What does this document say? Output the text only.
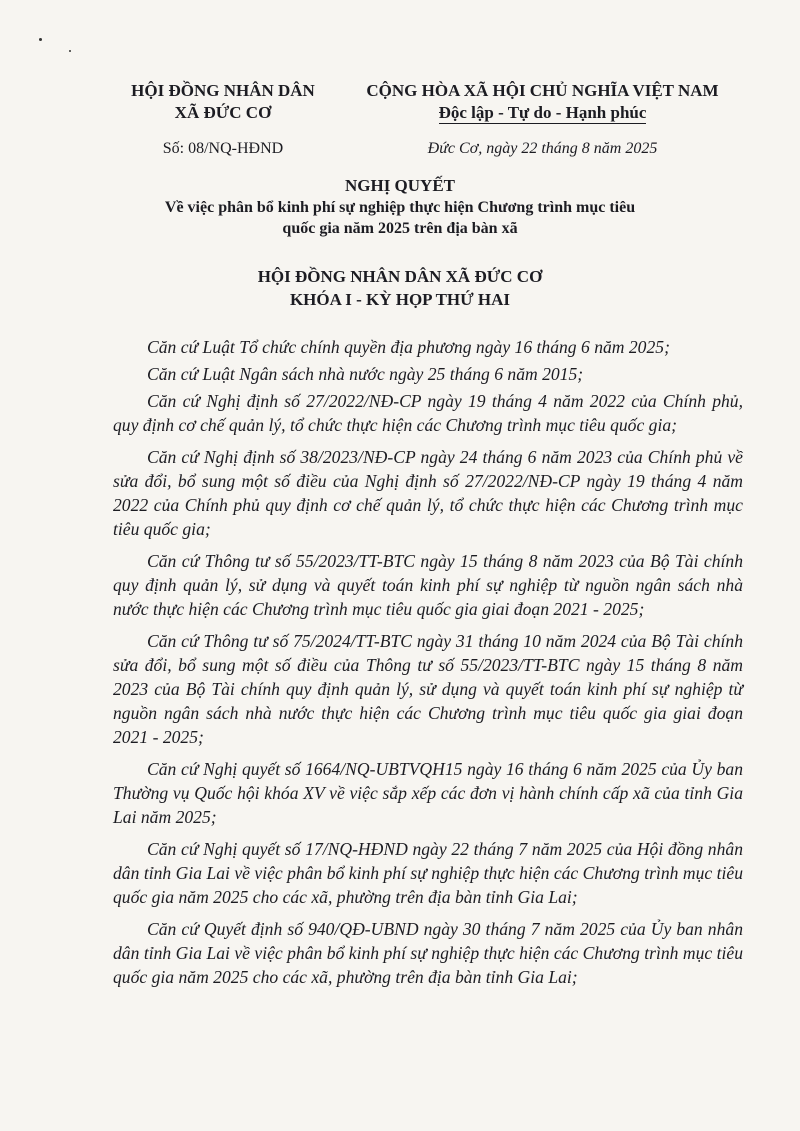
HỘI ĐỒNG NHÂN DÂN
XÃ ĐỨC CƠ
Số: 08/NQ-HĐND
CỘNG HÒA XÃ HỘI CHỦ NGHĨA VIỆT NAM
Độc lập - Tự do - Hạnh phúc
Đức Cơ, ngày 22 tháng 8 năm 2025
NGHỊ QUYẾT
Về việc phân bổ kinh phí sự nghiệp thực hiện Chương trình mục tiêu
quốc gia năm 2025 trên địa bàn xã
HỘI ĐỒNG NHÂN DÂN XÃ ĐỨC CƠ
KHÓA I - KỲ HỌP THỨ HAI

Căn cứ Luật Tổ chức chính quyền địa phương ngày 16 tháng 6 năm 2025;

Căn cứ Luật Ngân sách nhà nước ngày 25 tháng 6 năm 2015;

Căn cứ Nghị định số 27/2022/NĐ-CP ngày 19 tháng 4 năm 2022 của Chính phủ, quy định cơ chế quản lý, tổ chức thực hiện các Chương trình mục tiêu quốc gia;

Căn cứ Nghị định số 38/2023/NĐ-CP ngày 24 tháng 6 năm 2023 của Chính phủ về sửa đổi, bổ sung một số điều của Nghị định số 27/2022/NĐ-CP ngày 19 tháng 4 năm 2022 của Chính phủ quy định cơ chế quản lý, tổ chức thực hiện các Chương trình mục tiêu quốc gia;

Căn cứ Thông tư số 55/2023/TT-BTC ngày 15 tháng 8 năm 2023 của Bộ Tài chính quy định quản lý, sử dụng và quyết toán kinh phí sự nghiệp từ nguồn ngân sách nhà nước thực hiện các Chương trình mục tiêu quốc gia giai đoạn 2021 - 2025;

Căn cứ Thông tư số 75/2024/TT-BTC ngày 31 tháng 10 năm 2024 của Bộ Tài chính sửa đổi, bổ sung một số điều của Thông tư số 55/2023/TT-BTC ngày 15 tháng 8 năm 2023 của Bộ Tài chính quy định quản lý, sử dụng và quyết toán kinh phí sự nghiệp từ nguồn ngân sách nhà nước thực hiện các Chương trình mục tiêu quốc gia giai đoạn 2021 - 2025;

Căn cứ Nghị quyết số 1664/NQ-UBTVQH15 ngày 16 tháng 6 năm 2025 của Ủy ban Thường vụ Quốc hội khóa XV về việc sắp xếp các đơn vị hành chính cấp xã của tỉnh Gia Lai năm 2025;

Căn cứ Nghị quyết số 17/NQ-HĐND ngày 22 tháng 7 năm 2025 của Hội đồng nhân dân tỉnh Gia Lai về việc phân bổ kinh phí sự nghiệp thực hiện các Chương trình mục tiêu quốc gia năm 2025 cho các xã, phường trên địa bàn tỉnh Gia Lai;

Căn cứ Quyết định số 940/QĐ-UBND ngày 30 tháng 7 năm 2025 của Ủy ban nhân dân tỉnh Gia Lai về việc phân bổ kinh phí sự nghiệp thực hiện các Chương trình mục tiêu quốc gia năm 2025 cho các xã, phường trên địa bàn tỉnh Gia Lai;
